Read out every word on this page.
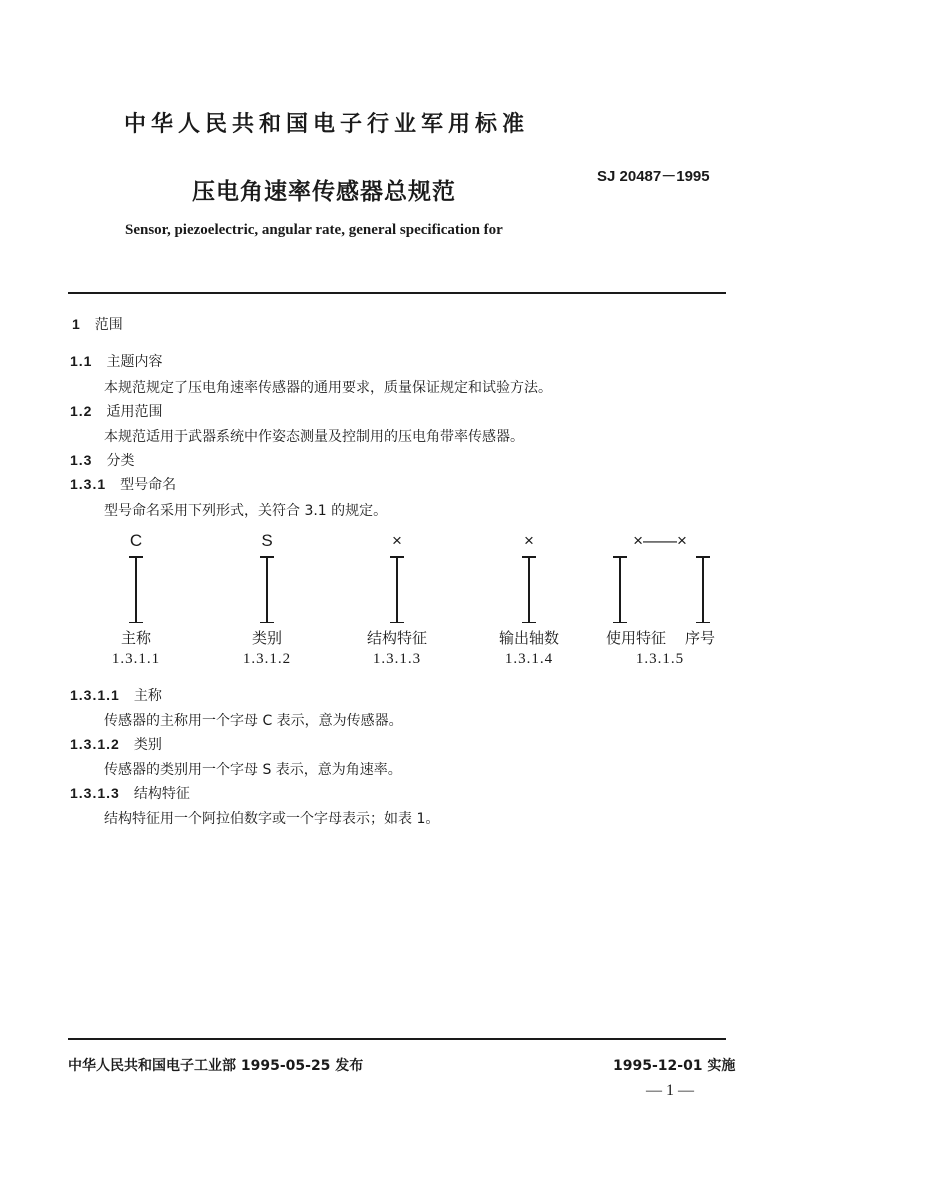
中华人民共和国电子行业军用标准
压电角速率传感器总规范
SJ 20487－1995
Sensor, piezoelectric, angular rate, general specification for
1 范围
1.1 主题内容
本规范规定了压电角速率传感器的通用要求，质量保证规定和试验方法。
1.2 适用范围
本规范适用于武器系统中作姿态测量及控制用的压电角带率传感器。
1.3 分类
1.3.1 型号命名
型号命名采用下列形式，关符合 3.1 的规定。
C	S	×	×	×——×
主称	类别	结构特征	输出轴数	使用特征 序号
1.3.1.1	1.3.1.2	1.3.1.3	1.3.1.4	1.3.1.5
1.3.1.1 主称
传感器的主称用一个字母 C 表示，意为传感器。
1.3.1.2 类别
传感器的类别用一个字母 S 表示，意为角速率。
1.3.1.3 结构特征
结构特征用一个阿拉伯数字或一个字母表示；如表 1。
中华人民共和国电子工业部 1995-05-25 发布	1995-12-01 实施
— 1 —
